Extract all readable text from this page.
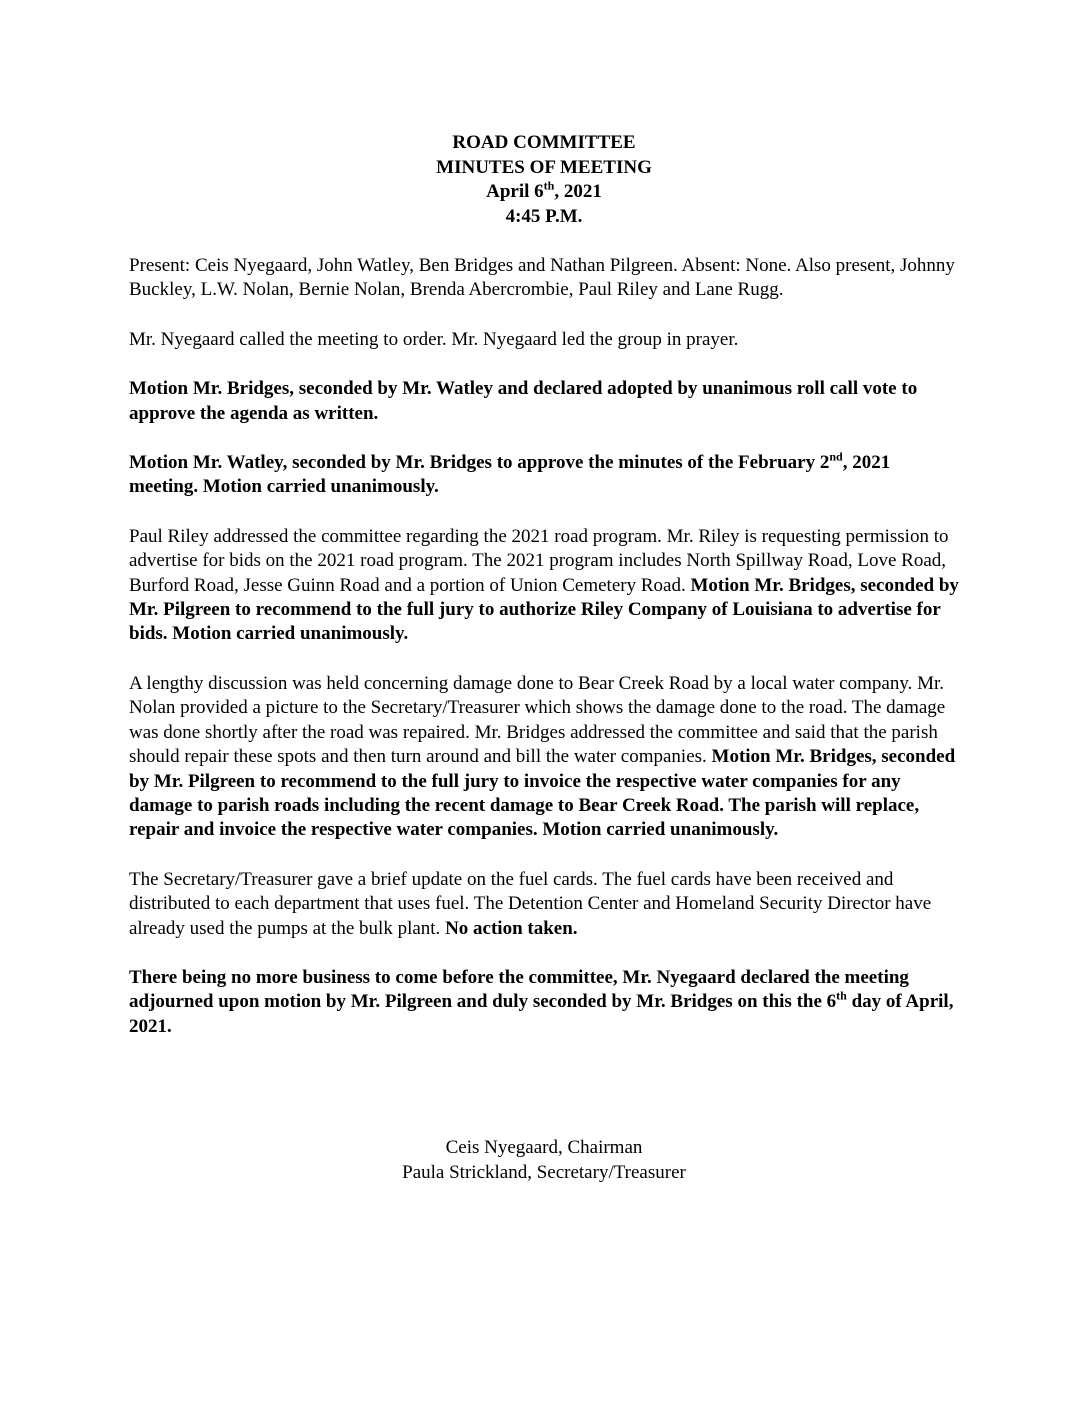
ROAD COMMITTEE
MINUTES OF MEETING
April 6th, 2021
4:45 P.M.

Present: Ceis Nyegaard, John Watley, Ben Bridges and Nathan Pilgreen. Absent: None. Also present, Johnny Buckley, L.W. Nolan, Bernie Nolan, Brenda Abercrombie, Paul Riley and Lane Rugg.

Mr. Nyegaard called the meeting to order. Mr. Nyegaard led the group in prayer.

Motion Mr. Bridges, seconded by Mr. Watley and declared adopted by unanimous roll call vote to approve the agenda as written.

Motion Mr. Watley, seconded by Mr. Bridges to approve the minutes of the February 2nd, 2021 meeting. Motion carried unanimously.

Paul Riley addressed the committee regarding the 2021 road program. Mr. Riley is requesting permission to advertise for bids on the 2021 road program. The 2021 program includes North Spillway Road, Love Road, Burford Road, Jesse Guinn Road and a portion of Union Cemetery Road. Motion Mr. Bridges, seconded by Mr. Pilgreen to recommend to the full jury to authorize Riley Company of Louisiana to advertise for bids. Motion carried unanimously.

A lengthy discussion was held concerning damage done to Bear Creek Road by a local water company. Mr. Nolan provided a picture to the Secretary/Treasurer which shows the damage done to the road. The damage was done shortly after the road was repaired. Mr. Bridges addressed the committee and said that the parish should repair these spots and then turn around and bill the water companies. Motion Mr. Bridges, seconded by Mr. Pilgreen to recommend to the full jury to invoice the respective water companies for any damage to parish roads including the recent damage to Bear Creek Road. The parish will replace, repair and invoice the respective water companies. Motion carried unanimously.

The Secretary/Treasurer gave a brief update on the fuel cards. The fuel cards have been received and distributed to each department that uses fuel. The Detention Center and Homeland Security Director have already used the pumps at the bulk plant. No action taken.

There being no more business to come before the committee, Mr. Nyegaard declared the meeting adjourned upon motion by Mr. Pilgreen and duly seconded by Mr. Bridges on this the 6th day of April, 2021.

Ceis Nyegaard, Chairman
Paula Strickland, Secretary/Treasurer
